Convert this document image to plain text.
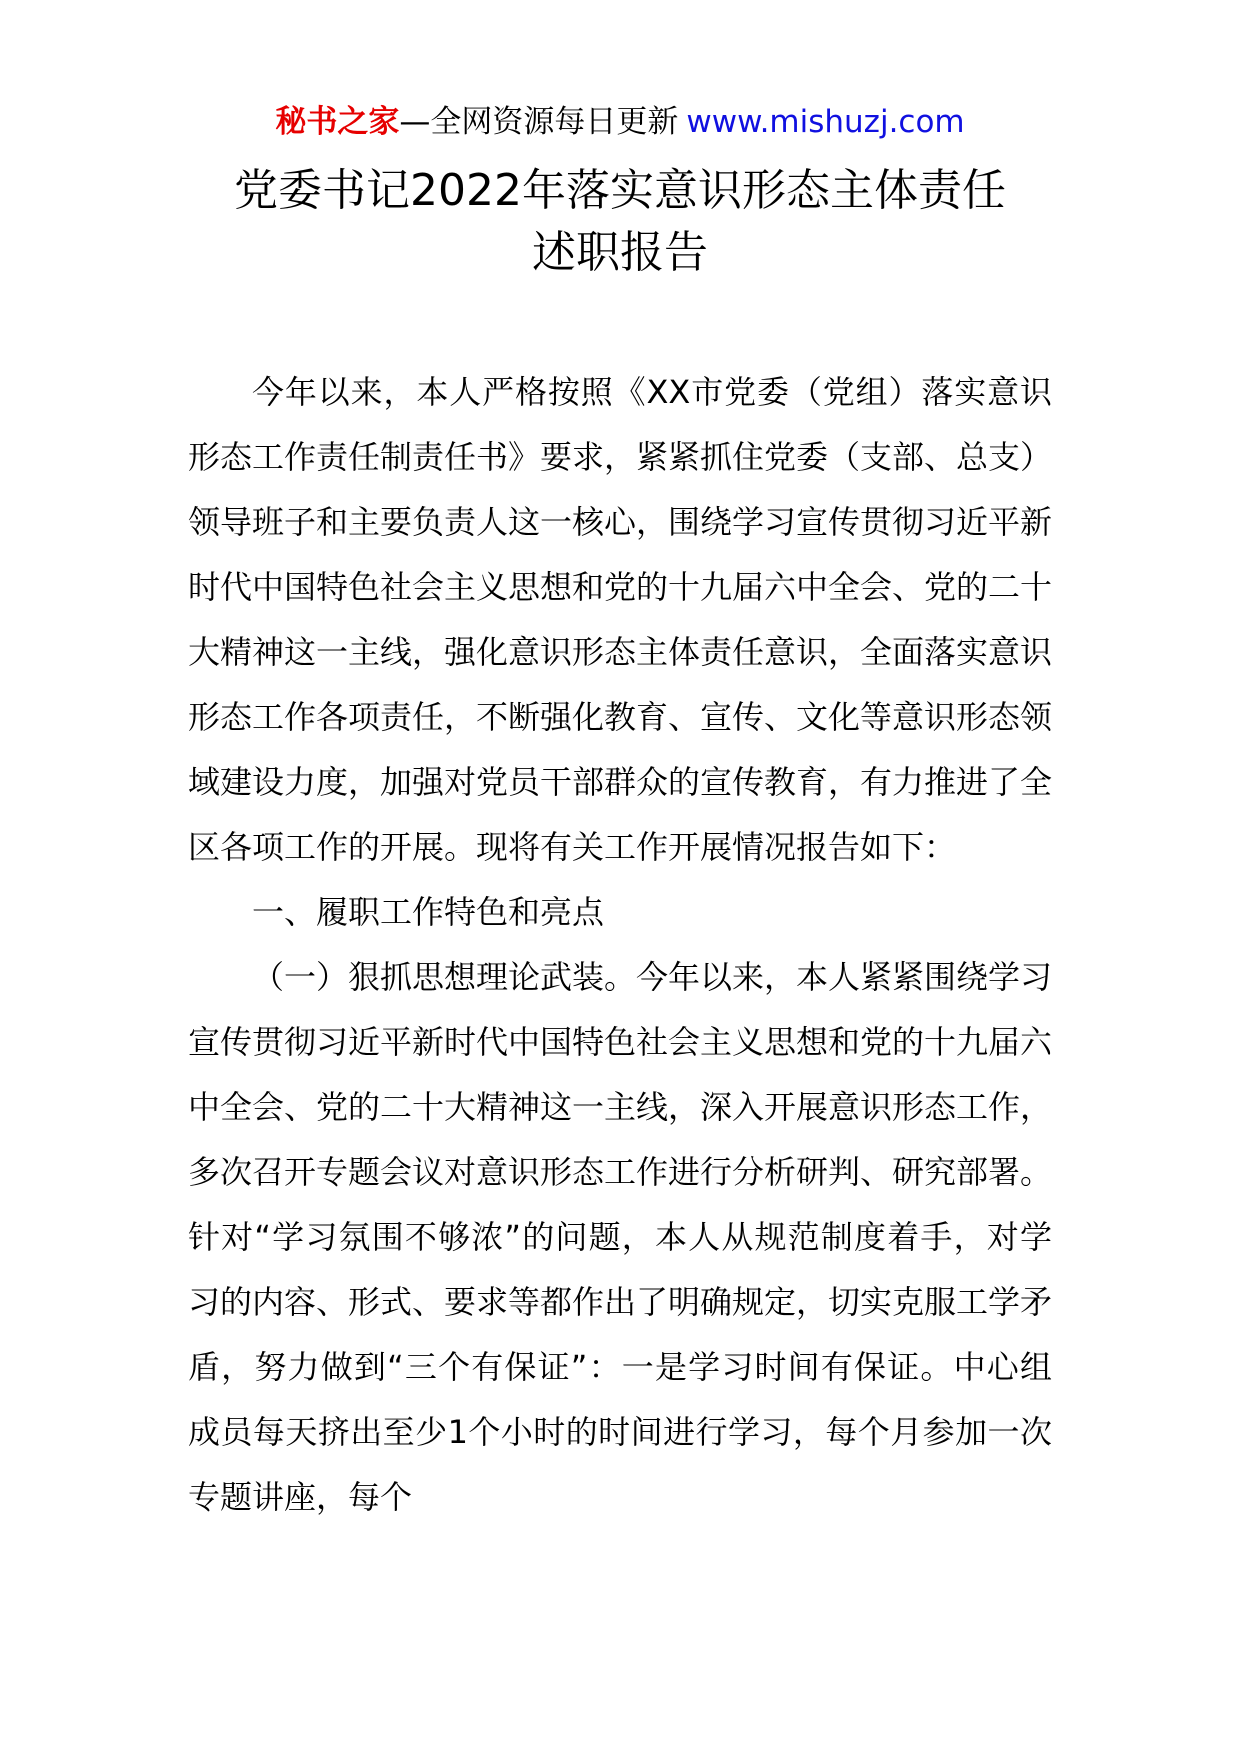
秘书之家—全网资源每日更新 www.mishuzj.com
党委书记2022年落实意识形态主体责任
述职报告

今年以来，本人严格按照《XX市党委（党组）落实意识形态工作责任制责任书》要求，紧紧抓住党委（支部、总支）领导班子和主要负责人这一核心，围绕学习宣传贯彻习近平新时代中国特色社会主义思想和党的十九届六中全会、党的二十大精神这一主线，强化意识形态主体责任意识，全面落实意识形态工作各项责任，不断强化教育、宣传、文化等意识形态领域建设力度，加强对党员干部群众的宣传教育，有力推进了全区各项工作的开展。现将有关工作开展情况报告如下：

一、履职工作特色和亮点

（一）狠抓思想理论武装。今年以来，本人紧紧围绕学习宣传贯彻习近平新时代中国特色社会主义思想和党的十九届六中全会、党的二十大精神这一主线，深入开展意识形态工作，多次召开专题会议对意识形态工作进行分析研判、研究部署。针对“学习氛围不够浓”的问题，本人从规范制度着手，对学习的内容、形式、要求等都作出了明确规定，切实克服工学矛盾，努力做到“三个有保证”：一是学习时间有保证。中心组成员每天挤出至少1个小时的时间进行学习，每个月参加一次专题讲座，每个
